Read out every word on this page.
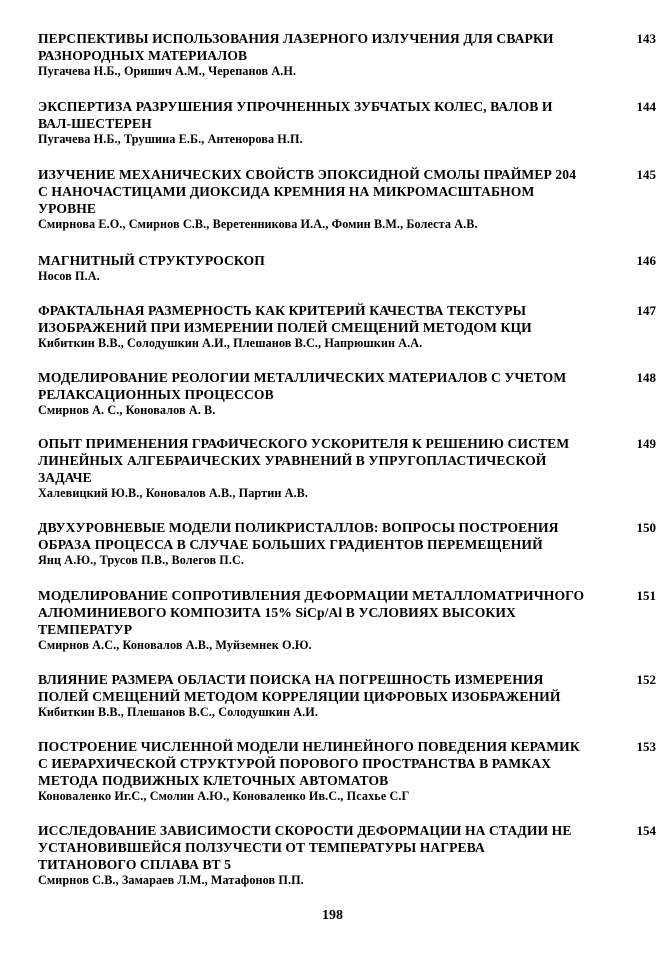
ПЕРСПЕКТИВЫ ИСПОЛЬЗОВАНИЯ ЛАЗЕРНОГО ИЗЛУЧЕНИЯ ДЛЯ СВАРКИ РАЗНОРОДНЫХ МАТЕРИАЛОВ
Пугачева Н.Б., Оришич А.М., Черепанов А.Н.
143
ЭКСПЕРТИЗА РАЗРУШЕНИЯ УПРОЧНЕННЫХ ЗУБЧАТЫХ КОЛЕС, ВАЛОВ И ВАЛ-ШЕСТЕРЕН
Пугачева Н.Б., Трушина Е.Б., Антенорова Н.П.
144
ИЗУЧЕНИЕ МЕХАНИЧЕСКИХ СВОЙСТВ ЭПОКСИДНОЙ СМОЛЫ ПРАЙМЕР 204 С НАНОЧАСТИЦАМИ ДИОКСИДА КРЕМНИЯ НА МИКРОМАСШТАБНОМ УРОВНЕ
Смирнова Е.О., Смирнов С.В., Веретенникова И.А., Фомин В.М., Болеста А.В.
145
МАГНИТНЫЙ СТРУКТУРОСКОП
Носов П.А.
146
ФРАКТАЛЬНАЯ РАЗМЕРНОСТЬ КАК КРИТЕРИЙ КАЧЕСТВА ТЕКСТУРЫ ИЗОБРАЖЕНИЙ ПРИ ИЗМЕРЕНИИ ПОЛЕЙ СМЕЩЕНИЙ МЕТОДОМ КЦИ
Кибиткин В.В., Солодушкин А.И., Плешанов В.С., Напрюшкин А.А.
147
МОДЕЛИРОВАНИЕ РЕОЛОГИИ МЕТАЛЛИЧЕСКИХ МАТЕРИАЛОВ С УЧЕТОМ РЕЛАКСАЦИОННЫХ ПРОЦЕССОВ
Смирнов А. С., Коновалов А. В.
148
ОПЫТ ПРИМЕНЕНИЯ ГРАФИЧЕСКОГО УСКОРИТЕЛЯ К РЕШЕНИЮ СИСТЕМ ЛИНЕЙНЫХ АЛГЕБРАИЧЕСКИХ УРАВНЕНИЙ В УПРУГОПЛАСТИЧЕСКОЙ ЗАДАЧЕ
Халевицкий Ю.В., Коновалов А.В., Партин А.В.
149
ДВУХУРОВНЕВЫЕ МОДЕЛИ ПОЛИКРИСТАЛЛОВ: ВОПРОСЫ ПОСТРОЕНИЯ ОБРАЗА ПРОЦЕССА В СЛУЧАЕ БОЛЬШИХ ГРАДИЕНТОВ ПЕРЕМЕЩЕНИЙ
Янц А.Ю., Трусов П.В., Волегов П.С.
150
МОДЕЛИРОВАНИЕ СОПРОТИВЛЕНИЯ ДЕФОРМАЦИИ МЕТАЛЛОМАТРИЧНОГО АЛЮМИНИЕВОГО КОМПОЗИТА 15% SiCp/Al В УСЛОВИЯХ ВЫСОКИХ ТЕМПЕРАТУР
Смирнов А.С., Коновалов А.В., Муйземнек О.Ю.
151
ВЛИЯНИЕ РАЗМЕРА ОБЛАСТИ ПОИСКА НА ПОГРЕШНОСТЬ ИЗМЕРЕНИЯ ПОЛЕЙ СМЕЩЕНИЙ МЕТОДОМ КОРРЕЛЯЦИИ ЦИФРОВЫХ ИЗОБРАЖЕНИЙ
Кибиткин В.В., Плешанов В.С., Солодушкин А.И.
152
ПОСТРОЕНИЕ ЧИСЛЕННОЙ МОДЕЛИ НЕЛИНЕЙНОГО ПОВЕДЕНИЯ КЕРАМИК С ИЕРАРХИЧЕСКОЙ СТРУКТУРОЙ ПОРОВОГО ПРОСТРАНСТВА В РАМКАХ МЕТОДА ПОДВИЖНЫХ КЛЕТОЧНЫХ АВТОМАТОВ
Коноваленко Иг.С., Смолин А.Ю., Коноваленко Ив.С., Псахье С.Г
153
ИССЛЕДОВАНИЕ ЗАВИСИМОСТИ СКОРОСТИ ДЕФОРМАЦИИ НА СТАДИИ НЕ УСТАНОВИВШЕЙСЯ ПОЛЗУЧЕСТИ ОТ ТЕМПЕРАТУРЫ НАГРЕВА ТИТАНОВОГО СПЛАВА ВТ 5
Смирнов С.В., Замараев Л.М., Матафонов П.П.
154
198
